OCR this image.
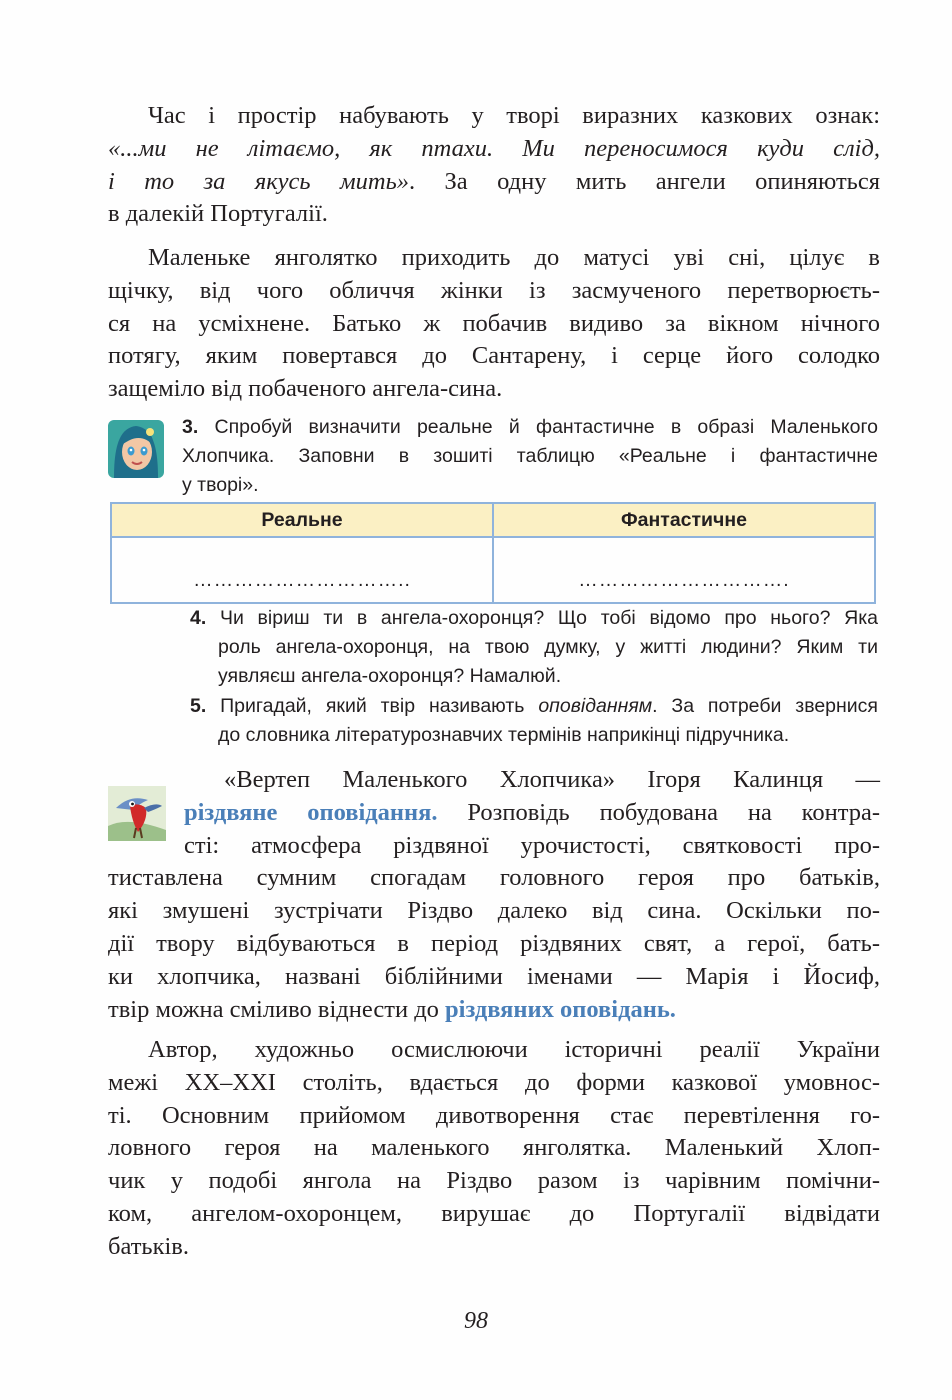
Час і простір набувають у творі виразних казкових ознак:
«...ми не літаємо, як птахи. Ми переносимося куди слід,
і то за якусь мить». За одну мить ангели опиняються
в далекій Португалії.
Маленьке янголятко приходить до матусі уві сні, цілує в
щічку, від чого обличчя жінки із засмученого перетворюєть-
ся на усміхнене. Батько ж побачив видиво за вікном нічного
потягу, яким повертався до Сантарену, і серце його солодко
защеміло від побаченого ангела-сина.
3. Спробуй визначити реальне й фантастичне в образі Маленького
Хлопчика. Заповни в зошиті таблицю «Реальне і фантастичне
у творі».
Реальне	Фантастичне
…………………………..	………………………….
4. Чи віриш ти в ангела-охоронця? Що тобі відомо про нього? Яка
роль ангела-охоронця, на твою думку, у житті людини? Яким ти
уявляєш ангела-охоронця? Намалюй.
5. Пригадай, який твір називають оповіданням. За потреби звернися
до словника літературознавчих термінів наприкінці підручника.
«Вертеп Маленького Хлопчика» Ігоря Калинця —
різдвяне оповідання. Розповідь побудована на контра-
сті: атмосфера різдвяної урочистості, святковості про-
тиставлена сумним спогадам головного героя про батьків,
які змушені зустрічати Різдво далеко від сина. Оскільки по-
дії твору відбуваються в період різдвяних свят, а герої, бать-
ки хлопчика, названі біблійними іменами — Марія і Йосиф,
твір можна сміливо віднести до різдвяних оповідань.
Автор, художньо осмислюючи історичні реалії України
межі XX–XXI століть, вдається до форми казкової умовнос-
ті. Основним прийомом дивотворення стає перевтілення го-
ловного героя на маленького янголятка. Маленький Хлоп-
чик у подобі янгола на Різдво разом із чарівним помічни-
ком, ангелом-охоронцем, вирушає до Португалії відвідати
батьків.
98
